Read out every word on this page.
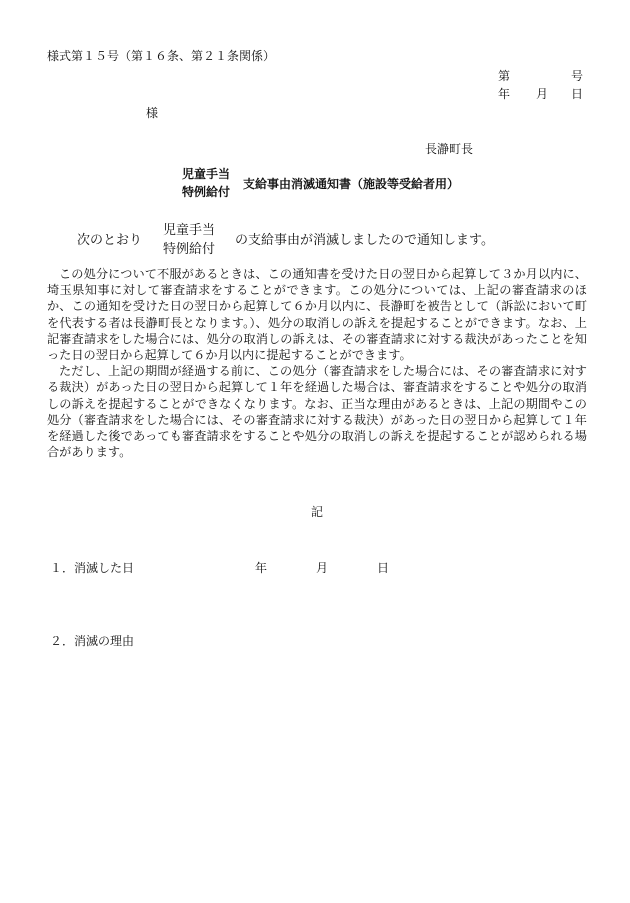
様式第１５号（第１６条、第２１条関係）
第	号
年 月 日
様
長瀞町長
児童手当
特例給付
支給事由消滅通知書（施設等受給者用）
次のとおり
児童手当
特例給付
の支給事由が消滅しましたので通知します。

この処分について不服があるときは、この通知書を受けた日の翌日から起算して３か月以内に、埼玉県知事に対して審査請求をすることができます。この処分については、上記の審査請求のほか、この通知を受けた日の翌日から起算して６か月以内に、長瀞町を被告として（訴訟において町を代表する者は長瀞町長となります。）、処分の取消しの訴えを提起することができます。なお、上記審査請求をした場合には、処分の取消しの訴えは、その審査請求に対する裁決があったことを知った日の翌日から起算して６か月以内に提起することができます。

ただし、上記の期間が経過する前に、この処分（審査請求をした場合には、その審査請求に対する裁決）があった日の翌日から起算して１年を経過した場合は、審査請求をすることや処分の取消しの訴えを提起することができなくなります。なお、正当な理由があるときは、上記の期間やこの処分（審査請求をした場合には、その審査請求に対する裁決）があった日の翌日から起算して１年を経過した後であっても審査請求をすることや処分の取消しの訴えを提起することが認められる場合があります。

記
１．消滅した日	年	月	日
２．消滅の理由
